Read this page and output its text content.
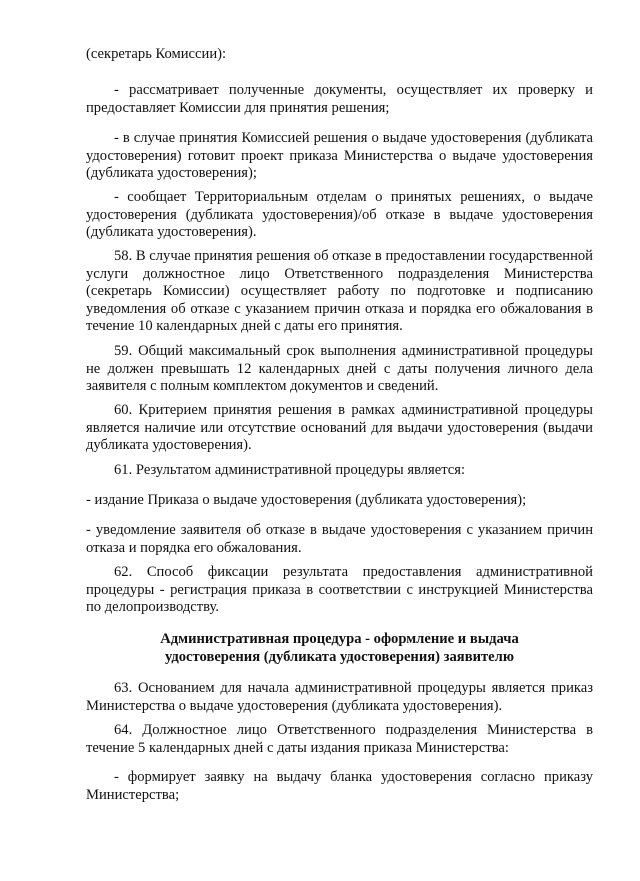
(секретарь Комиссии):

- рассматривает полученные документы, осуществляет их проверку и предоставляет Комиссии для принятия решения;

- в случае принятия Комиссией решения о выдаче удостоверения (дубликата удостоверения) готовит проект приказа Министерства о выдаче удостоверения (дубликата удостоверения);

- сообщает Территориальным отделам о принятых решениях, о выдаче удостоверения (дубликата удостоверения)/об отказе в выдаче удостоверения (дубликата удостоверения).

58. В случае принятия решения об отказе в предоставлении государственной услуги должностное лицо Ответственного подразделения Министерства (секретарь Комиссии) осуществляет работу по подготовке и подписанию уведомления об отказе с указанием причин отказа и порядка его обжалования в течение 10 календарных дней с даты его принятия.

59. Общий максимальный срок выполнения административной процедуры не должен превышать 12 календарных дней с даты получения личного дела заявителя с полным комплектом документов и сведений.

60. Критерием принятия решения в рамках административной процедуры является наличие или отсутствие оснований для выдачи удостоверения (выдачи дубликата удостоверения).

61. Результатом административной процедуры является:

- издание Приказа о выдаче удостоверения (дубликата удостоверения);

- уведомление заявителя об отказе в выдаче удостоверения с указанием причин отказа и порядка его обжалования.

62. Способ фиксации результата предоставления административной процедуры - регистрация приказа в соответствии с инструкцией Министерства по делопроизводству.

Административная процедура - оформление и выдача
удостоверения (дубликата удостоверения) заявителю

63. Основанием для начала административной процедуры является приказ Министерства о выдаче удостоверения (дубликата удостоверения).

64. Должностное лицо Ответственного подразделения Министерства в течение 5 календарных дней с даты издания приказа Министерства:

- формирует заявку на выдачу бланка удостоверения согласно приказу Министерства;
